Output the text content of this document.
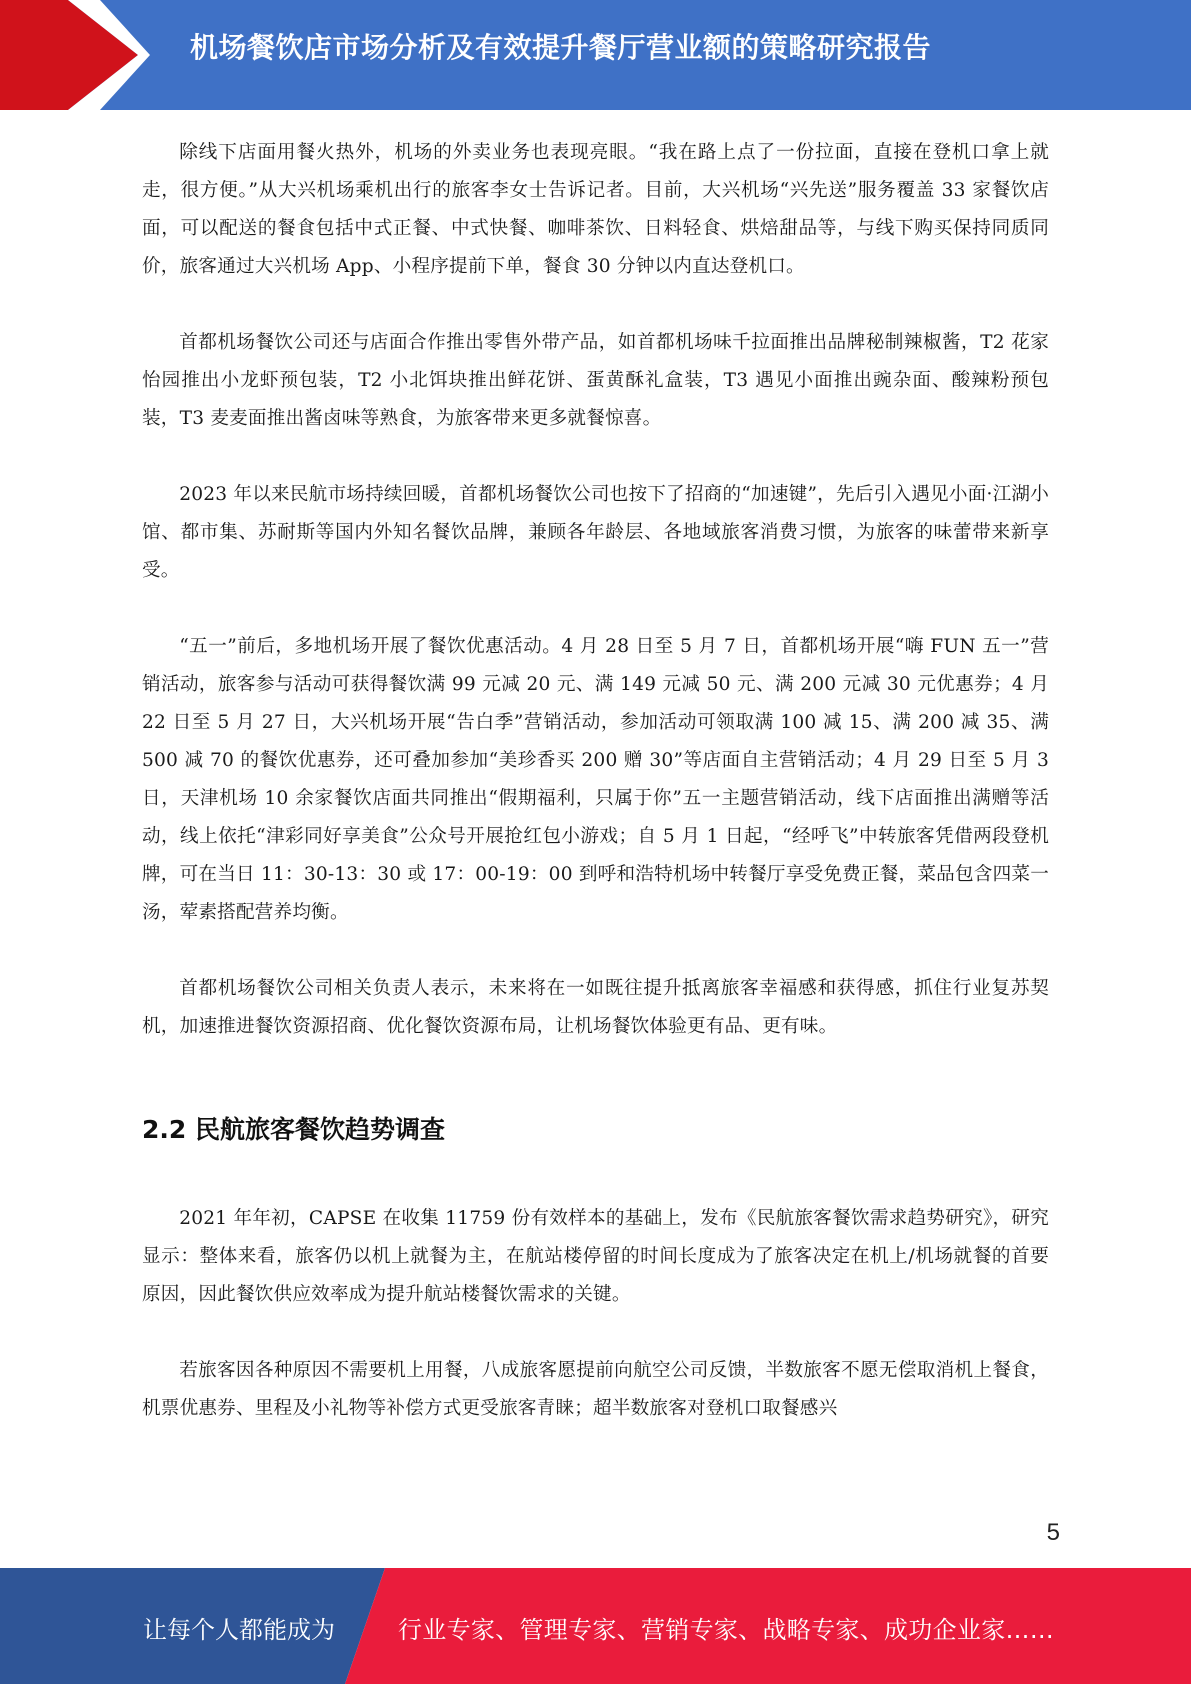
机场餐饮店市场分析及有效提升餐厅营业额的策略研究报告

除线下店面用餐火热外，机场的外卖业务也表现亮眼。“我在路上点了一份拉面，直接在登机口拿上就走，很方便。”从大兴机场乘机出行的旅客李女士告诉记者。目前，大兴机场“兴先送”服务覆盖 33 家餐饮店面，可以配送的餐食包括中式正餐、中式快餐、咖啡茶饮、日料轻食、烘焙甜品等，与线下购买保持同质同价，旅客通过大兴机场 App、小程序提前下单，餐食 30 分钟以内直达登机口。

首都机场餐饮公司还与店面合作推出零售外带产品，如首都机场味千拉面推出品牌秘制辣椒酱，T2 花家怡园推出小龙虾预包装，T2 小北饵块推出鲜花饼、蛋黄酥礼盒装，T3 遇见小面推出豌杂面、酸辣粉预包装，T3 麦麦面推出酱卤味等熟食，为旅客带来更多就餐惊喜。

2023 年以来民航市场持续回暖，首都机场餐饮公司也按下了招商的“加速键”，先后引入遇见小面·江湖小馆、都市集、苏耐斯等国内外知名餐饮品牌，兼顾各年龄层、各地域旅客消费习惯，为旅客的味蕾带来新享受。

“五一”前后，多地机场开展了餐饮优惠活动。4 月 28 日至 5 月 7 日，首都机场开展“嗨 FUN 五一”营销活动，旅客参与活动可获得餐饮满 99 元减 20 元、满 149 元减 50 元、满 200 元减 30 元优惠券；4 月 22 日至 5 月 27 日，大兴机场开展“告白季”营销活动，参加活动可领取满 100 减 15、满 200 减 35、满 500 减 70 的餐饮优惠券，还可叠加参加“美珍香买 200 赠 30”等店面自主营销活动；4 月 29 日至 5 月 3 日，天津机场 10 余家餐饮店面共同推出“假期福利，只属于你”五一主题营销活动，线下店面推出满赠等活动，线上依托“津彩同好享美食”公众号开展抢红包小游戏；自 5 月 1 日起，“经呼飞”中转旅客凭借两段登机牌，可在当日 11：30-13：30 或 17：00-19：00 到呼和浩特机场中转餐厅享受免费正餐，菜品包含四菜一汤，荤素搭配营养均衡。

首都机场餐饮公司相关负责人表示，未来将在一如既往提升抵离旅客幸福感和获得感，抓住行业复苏契机，加速推进餐饮资源招商、优化餐饮资源布局，让机场餐饮体验更有品、更有味。

2.2 民航旅客餐饮趋势调查

2021 年年初，CAPSE 在收集 11759 份有效样本的基础上，发布《民航旅客餐饮需求趋势研究》，研究显示：整体来看，旅客仍以机上就餐为主，在航站楼停留的时间长度成为了旅客决定在机上/机场就餐的首要原因，因此餐饮供应效率成为提升航站楼餐饮需求的关键。

若旅客因各种原因不需要机上用餐，八成旅客愿提前向航空公司反馈，半数旅客不愿无偿取消机上餐食，机票优惠券、里程及小礼物等补偿方式更受旅客青睐；超半数旅客对登机口取餐感兴

5
让每个人都能成为	行业专家、管理专家、营销专家、战略专家、成功企业家……
